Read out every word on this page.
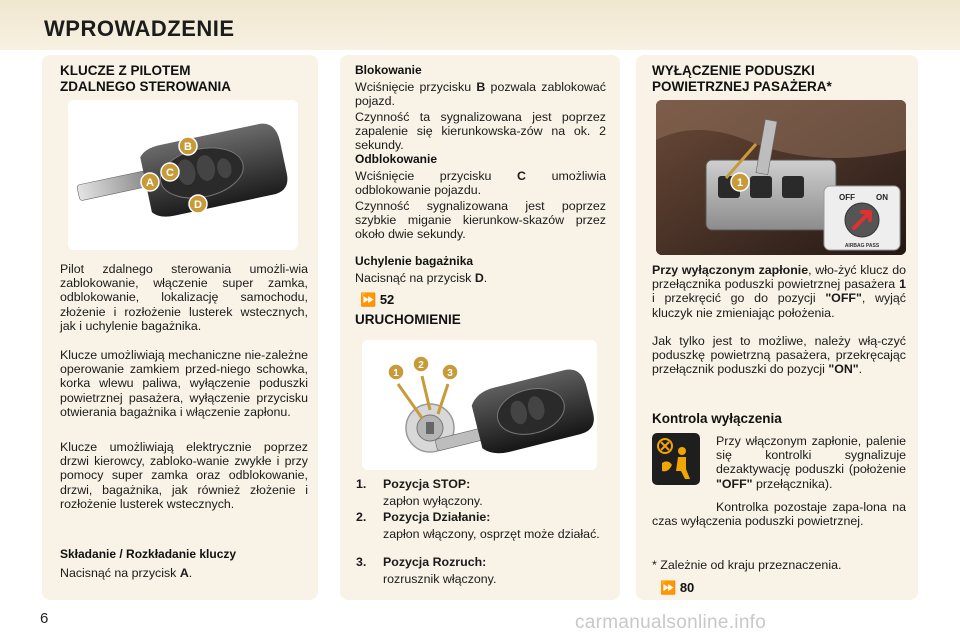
WPROWADZENIE
KLUCZE Z PILOTEM
ZDALNEGO STEROWANIA
A
B
C
D

Pilot zdalnego sterowania umożli-wia zablokowanie, włączenie super zamka, odblokowanie, lokalizację samochodu, złożenie i rozłożenie lusterek wstecznych, jak i uchylenie bagażnika.

Klucze umożliwiają mechaniczne nie-zależne operowanie zamkiem przed-niego schowka, korka wlewu paliwa, wyłączenie poduszki powietrznej pasażera, wyłączenie przycisku otwierania bagażnika i włączenie zapłonu.

Klucze umożliwiają elektrycznie poprzez drzwi kierowcy, zabloko-wanie zwykłe i przy pomocy super zamka oraz odblokowanie, drzwi, bagażnika, jak również złożenie i rozłożenie lusterek wstecznych.

Składanie / Rozkładanie kluczy

Nacisnąć na przycisk A.

Blokowanie

Wciśnięcie przycisku B pozwala zablokować pojazd.

Czynność ta sygnalizowana jest poprzez zapalenie się kierunkowska-zów na ok. 2 sekundy.

Odblokowanie

Wciśnięcie przycisku C umożliwia odblokowanie pojazdu.

Czynność sygnalizowana jest poprzez szybkie miganie kierunkow-skazów przez około dwie sekundy.

Uchylenie bagażnika

Nacisnąć na przycisk D.

⏩ 52
URUCHOMIENIE
1
2
3
1. Pozycja STOP:
zapłon wyłączony.
2. Pozycja Działanie:
zapłon włączony, osprzęt może działać.
3. Pozycja Rozruch:
rozrusznik włączony.
WYŁĄCZENIE PODUSZKI
POWIETRZNEJ PASAŻERA*
1
OFF	ON
AIRBAG PASS

Przy wyłączonym zapłonie, wło-żyć klucz do przełącznika poduszki powietrznej pasażera 1 i przekręcić go do pozycji "OFF", wyjąć kluczyk nie zmieniając położenia.

Jak tylko jest to możliwe, należy włą-czyć poduszkę powietrzną pasażera, przekręcając przełącznik poduszki do pozycji "ON".

Kontrola wyłączenia

Przy włączonym zapłonie, palenie się kontrolki sygnalizuje dezaktywację poduszki (położenie "OFF" przełącznika).

Kontrolka pozostaje zapa-lona na czas wyłączenia poduszki powietrznej.

* Zależnie od kraju przeznaczenia.

⏩ 80
6	carmanualsonline.info
